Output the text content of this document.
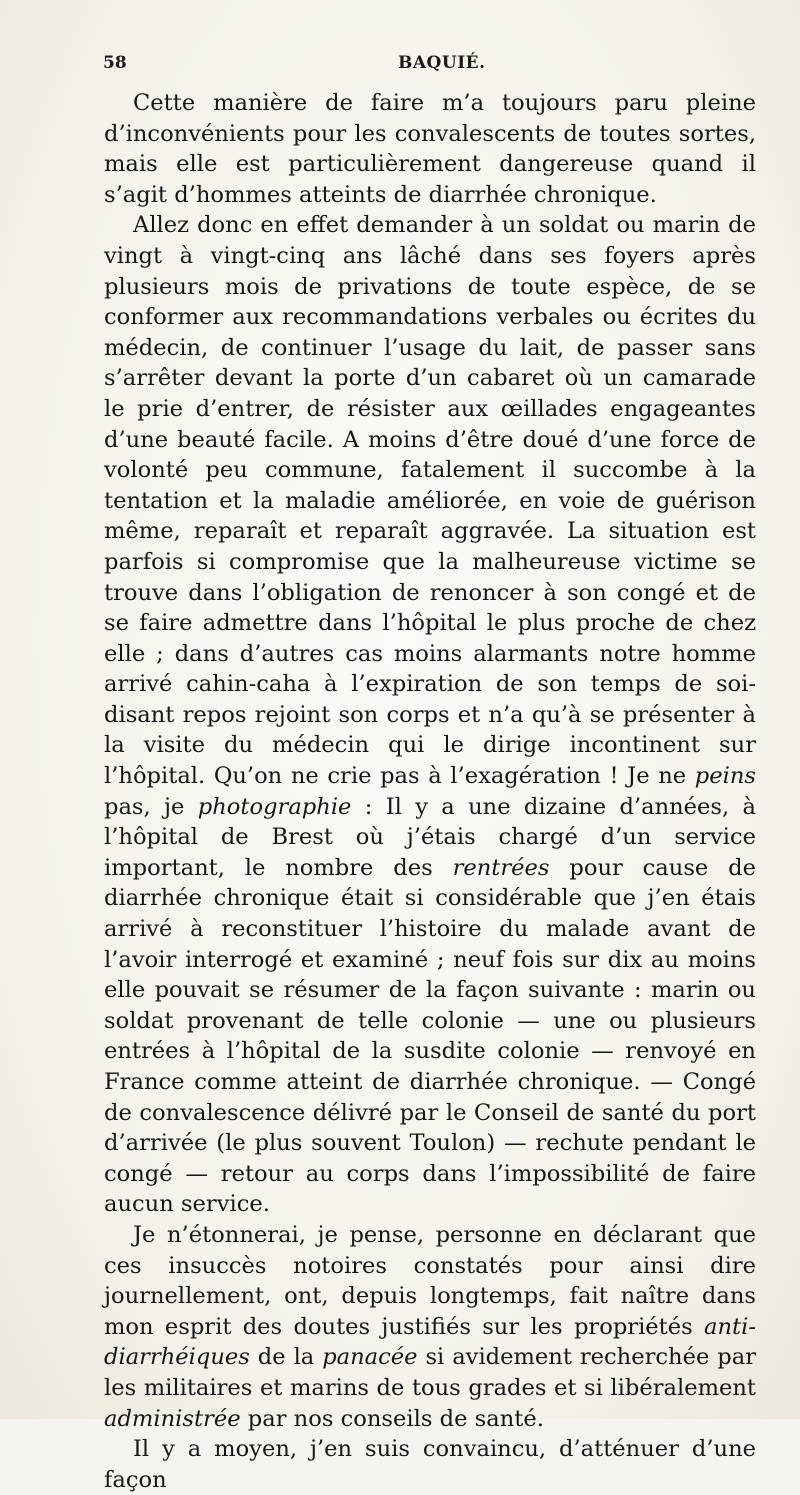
58	BAQUIÉ.

Cette manière de faire m’a toujours paru pleine d’inconvénients pour les convalescents de toutes sortes, mais elle est particulièrement dangereuse quand il s’agit d’hommes atteints de diarrhée chronique.

Allez donc en effet demander à un soldat ou marin de vingt à vingt-cinq ans lâché dans ses foyers après plusieurs mois de privations de toute espèce, de se conformer aux recommandations verbales ou écrites du médecin, de continuer l’usage du lait, de passer sans s’arrêter devant la porte d’un cabaret où un camarade le prie d’entrer, de résister aux œillades engageantes d’une beauté facile. A moins d’être doué d’une force de volonté peu commune, fatalement il succombe à la tentation et la maladie améliorée, en voie de guérison même, reparaît et reparaît aggravée. La situation est parfois si compromise que la malheureuse victime se trouve dans l’obligation de renoncer à son congé et de se faire admettre dans l’hôpital le plus proche de chez elle ; dans d’autres cas moins alarmants notre homme arrivé cahin-caha à l’expiration de son temps de soi-disant repos rejoint son corps et n’a qu’à se présenter à la visite du médecin qui le dirige incontinent sur l’hôpital. Qu’on ne crie pas à l’exagération ! Je ne peins pas, je photographie : Il y a une dizaine d’années, à l’hôpital de Brest où j’étais chargé d’un service important, le nombre des rentrées pour cause de diarrhée chronique était si considérable que j’en étais arrivé à reconstituer l’histoire du malade avant de l’avoir interrogé et examiné ; neuf fois sur dix au moins elle pouvait se résumer de la façon suivante : marin ou soldat provenant de telle colonie — une ou plusieurs entrées à l’hôpital de la susdite colonie — renvoyé en France comme atteint de diarrhée chronique. — Congé de convalescence délivré par le Conseil de santé du port d’arrivée (le plus souvent Toulon) — rechute pendant le congé — retour au corps dans l’impossibilité de faire aucun service.

Je n’étonnerai, je pense, personne en déclarant que ces insuccès notoires constatés pour ainsi dire journellement, ont, depuis longtemps, fait naître dans mon esprit des doutes justifiés sur les propriétés anti-diarrhéiques de la panacée si avidement recherchée par les militaires et marins de tous grades et si libéralement administrée par nos conseils de santé.

Il y a moyen, j’en suis convaincu, d’atténuer d’une façon
